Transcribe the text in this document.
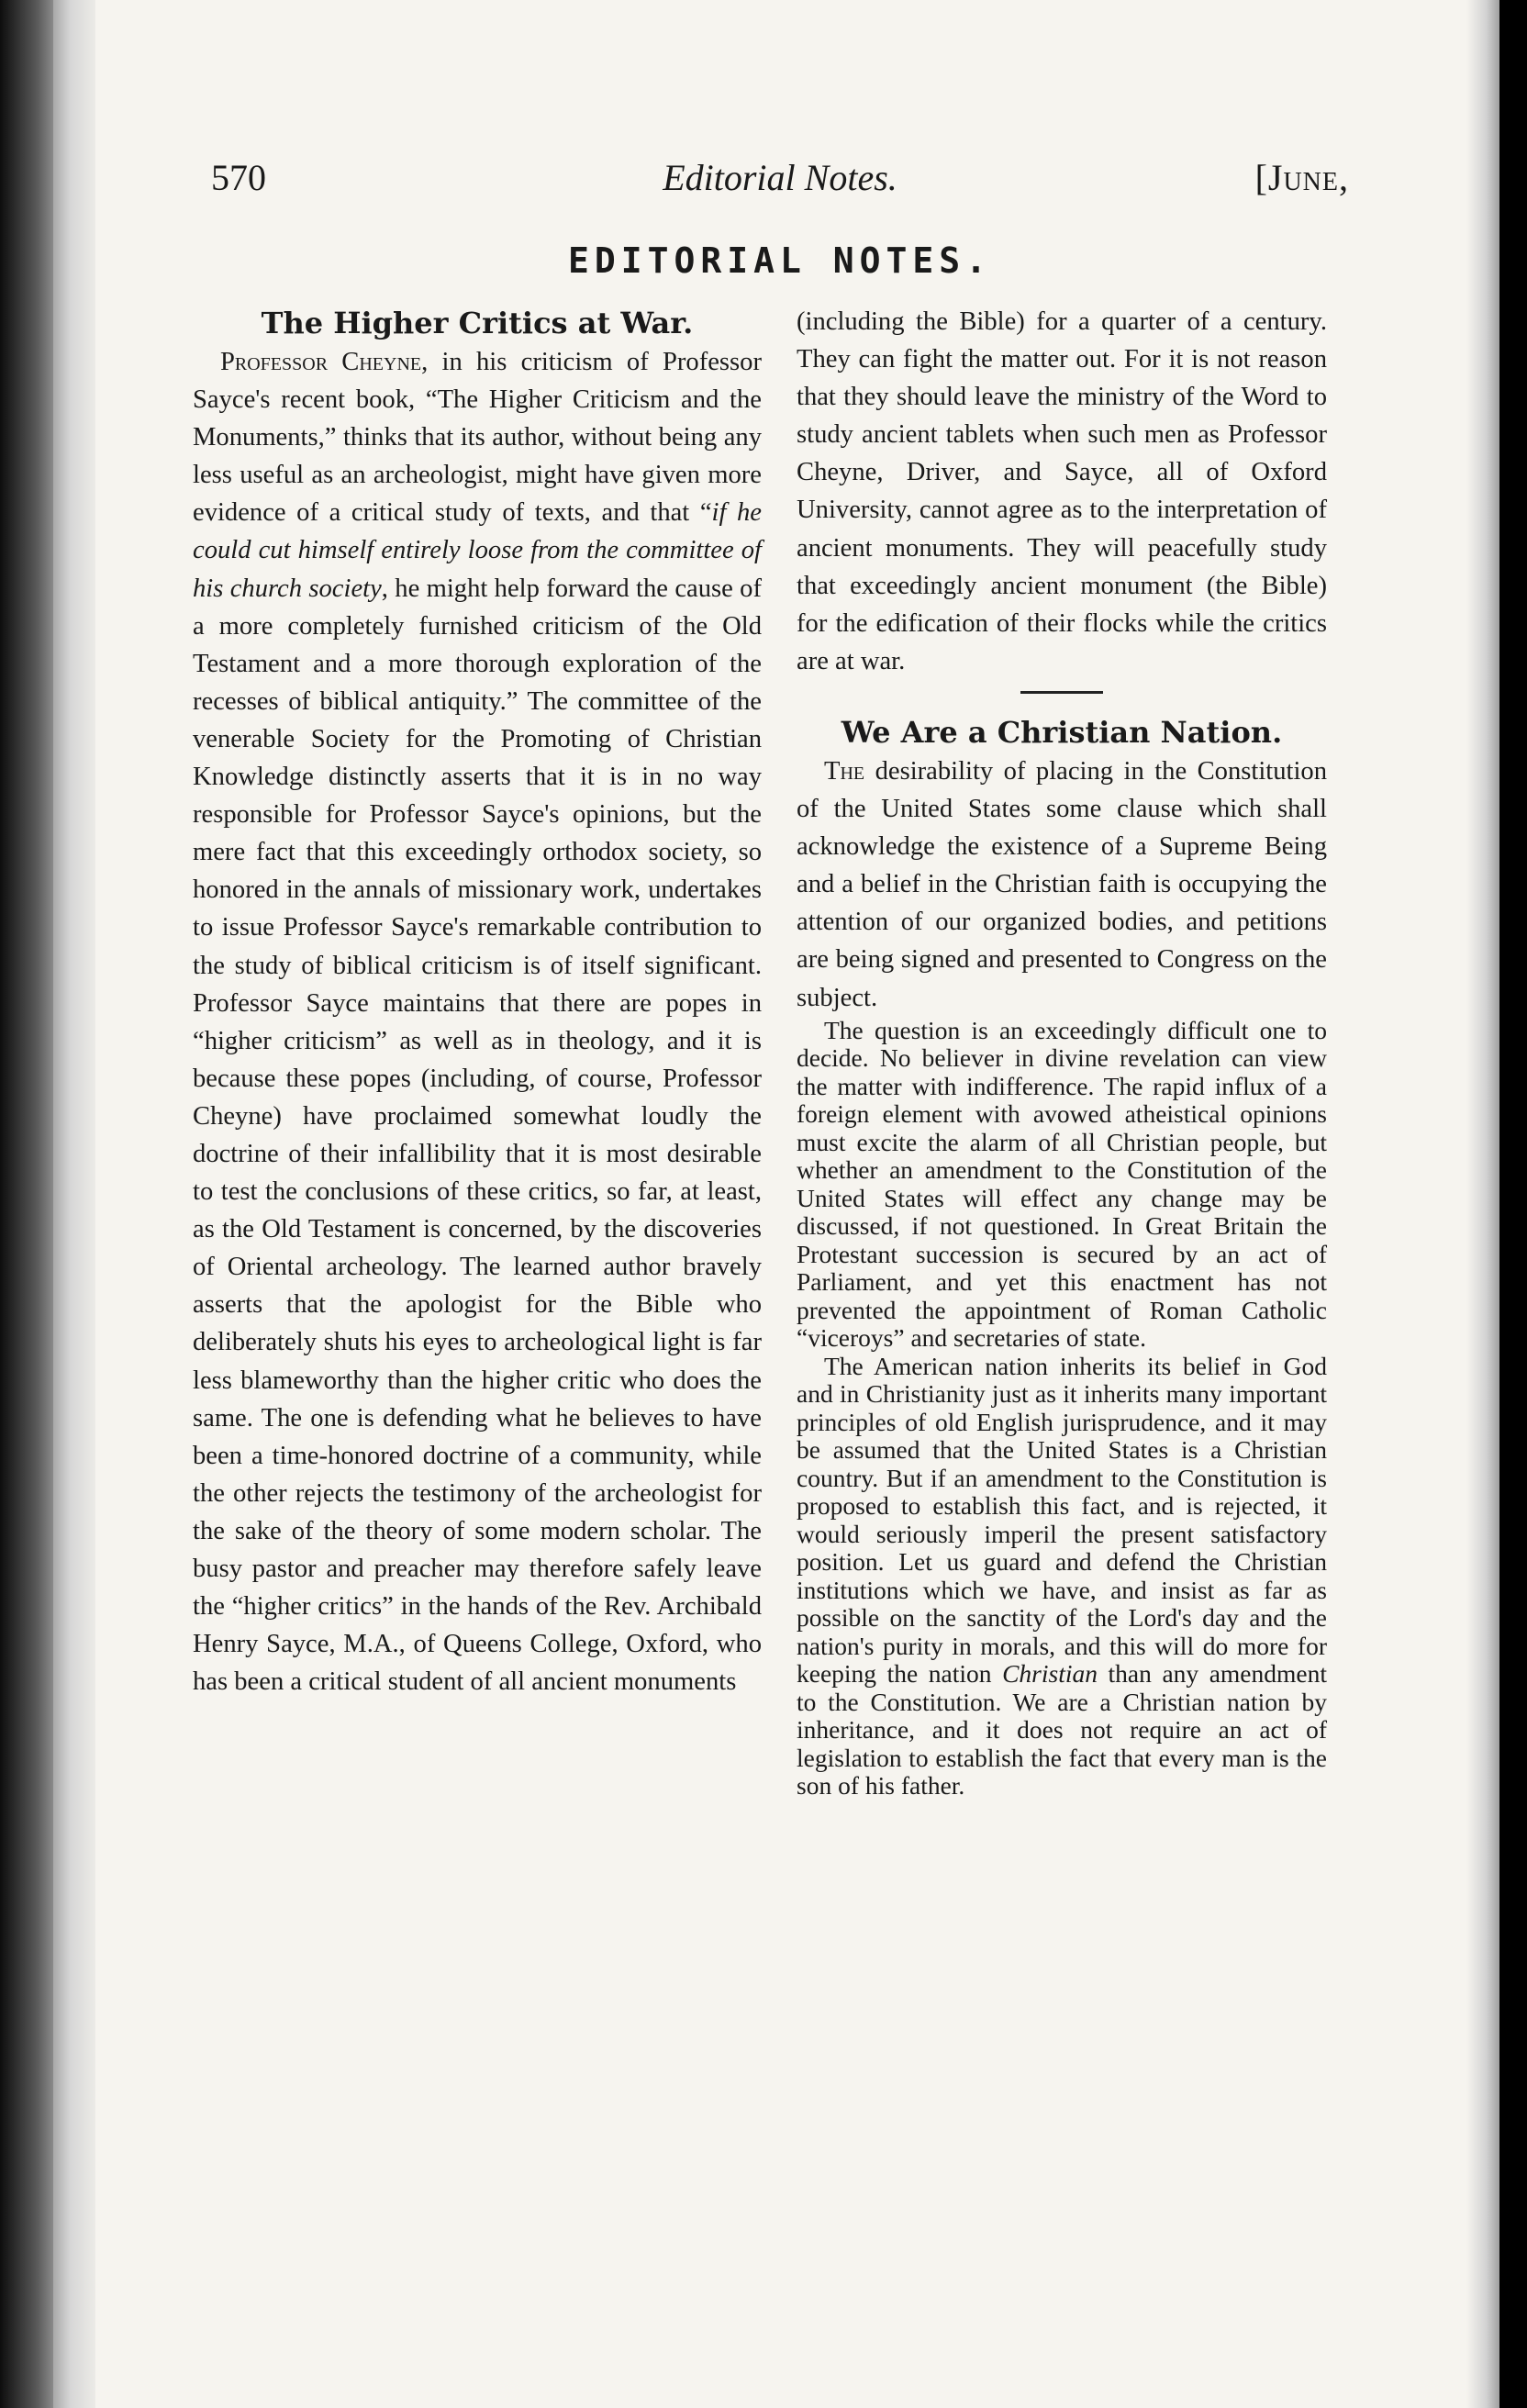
570	Editorial Notes.	[June,
EDITORIAL NOTES.
The Higher Critics at War.

Professor Cheyne, in his criticism of Professor Sayce's recent book, “The Higher Criticism and the Monuments,” thinks that its author, without being any less useful as an archeologist, might have given more evidence of a critical study of texts, and that “if he could cut himself entirely loose from the committee of his church society, he might help forward the cause of a more completely furnished criticism of the Old Testament and a more thorough exploration of the recesses of biblical antiquity.” The committee of the venerable Society for the Promoting of Christian Knowledge distinctly asserts that it is in no way responsible for Professor Sayce's opinions, but the mere fact that this exceedingly orthodox society, so honored in the annals of missionary work, undertakes to issue Professor Sayce's remarkable contribution to the study of biblical criticism is of itself significant. Professor Sayce maintains that there are popes in “higher criticism” as well as in theology, and it is because these popes (including, of course, Professor Cheyne) have proclaimed somewhat loudly the doctrine of their infallibility that it is most desirable to test the conclusions of these critics, so far, at least, as the Old Testament is concerned, by the discoveries of Oriental archeology. The learned author bravely asserts that the apologist for the Bible who deliberately shuts his eyes to archeological light is far less blameworthy than the higher critic who does the same. The one is defending what he believes to have been a time-honored doctrine of a community, while the other rejects the testimony of the archeologist for the sake of the theory of some modern scholar. The busy pastor and preacher may therefore safely leave the “higher critics” in the hands of the Rev. Archibald Henry Sayce, M.A., of Queens College, Oxford, who has been a critical student of all ancient monuments

(including the Bible) for a quarter of a century. They can fight the matter out. For it is not reason that they should leave the ministry of the Word to study ancient tablets when such men as Professor Cheyne, Driver, and Sayce, all of Oxford University, cannot agree as to the interpretation of ancient monuments. They will peacefully study that exceedingly ancient monument (the Bible) for the edification of their flocks while the critics are at war.

We Are a Christian Nation.

The desirability of placing in the Constitution of the United States some clause which shall acknowledge the existence of a Supreme Being and a belief in the Christian faith is occupying the attention of our organized bodies, and petitions are being signed and presented to Congress on the subject.

The question is an exceedingly difficult one to decide. No believer in divine revelation can view the matter with indifference. The rapid influx of a foreign element with avowed atheistical opinions must excite the alarm of all Christian people, but whether an amendment to the Constitution of the United States will effect any change may be discussed, if not questioned. In Great Britain the Protestant succession is secured by an act of Parliament, and yet this enactment has not prevented the appointment of Roman Catholic “viceroys” and secretaries of state.

The American nation inherits its belief in God and in Christianity just as it inherits many important principles of old English jurisprudence, and it may be assumed that the United States is a Christian country. But if an amendment to the Constitution is proposed to establish this fact, and is rejected, it would seriously imperil the present satisfactory position. Let us guard and defend the Christian institutions which we have, and insist as far as possible on the sanctity of the Lord's day and the nation's purity in morals, and this will do more for keeping the nation Christian than any amendment to the Constitution. We are a Christian nation by inheritance, and it does not require an act of legislation to establish the fact that every man is the son of his father.
